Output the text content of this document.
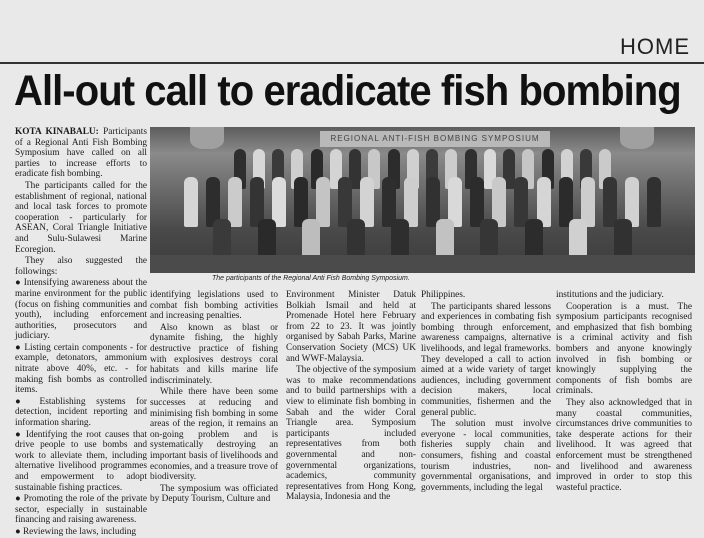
HOME
All-out call to eradicate fish bombing

KOTA KINABALU: Participants of a Regional Anti Fish Bombing Symposium have called on all parties to increase efforts to eradicate fish bombing.

The participants called for the establishment of regional, national and local task forces to promote cooperation - particularly for ASEAN, Coral Triangle Initiative and Sulu-Sulawesi Marine Ecoregion.

They also suggested the followings:

● Intensifying awareness about the marine environment for the public (focus on fishing communities and youth), including enforcement authorities, prosecutors and judiciary.

● Listing certain components - for example, detonators, ammonium nitrate above 40%, etc. - for making fish bombs as controlled items.

● Establishing systems for detection, incident reporting and information sharing.

● Identifying the root causes that drive people to use bombs and work to alleviate them, including alternative livelihood programmes and empowerment to adopt sustainable fishing practices.

● Promoting the role of the private sector, especially in sustainable financing and raising awareness.

● Reviewing the laws, including

REGIONAL ANTI-FISH BOMBING SYMPOSIUM
The participants of the Regional Anti Fish Bombing Symposium.

identifying legislations used to combat fish bombing activities and increasing penalties.

Also known as blast or dynamite fishing, the highly destructive practice of fishing with explosives destroys coral habitats and kills marine life indiscriminately.

While there have been some successes at reducing and minimising fish bombing in some areas of the region, it remains an on-going problem and is systematically destroying an important basis of livelihoods and economies, and a treasure trove of biodiversity.

The symposium was officiated by Deputy Tourism, Culture and

Environment Minister Datuk Bolkiah Ismail and held at Promenade Hotel here February from 22 to 23. It was jointly organised by Sabah Parks, Marine Conservation Society (MCS) UK and WWF-Malaysia.

The objective of the symposium was to make recommendations and to build partnerships with a view to eliminate fish bombing in Sabah and the wider Coral Triangle area. Symposium participants included representatives from both governmental and non-governmental organizations, academics, community representatives from Hong Kong, Malaysia, Indonesia and the

Philippines.

The participants shared lessons and experiences in combating fish bombing through enforcement, awareness campaigns, alternative livelihoods, and legal frameworks. They developed a call to action aimed at a wide variety of target audiences, including government decision makers, local communities, fishermen and the general public.

The solution must involve everyone - local communities, fisheries supply chain and consumers, fishing and coastal tourism industries, non-governmental organisations, and governments, including the legal

institutions and the judiciary.

Cooperation is a must. The symposium participants recognised and emphasized that fish bombing is a criminal activity and fish bombers and anyone knowingly involved in fish bombing or knowingly supplying the components of fish bombs are criminals.

They also acknowledged that in many coastal communities, circumstances drive communities to take desperate actions for their livelihood. It was agreed that enforcement must be strengthened and livelihood and awareness improved in order to stop this wasteful practice.
